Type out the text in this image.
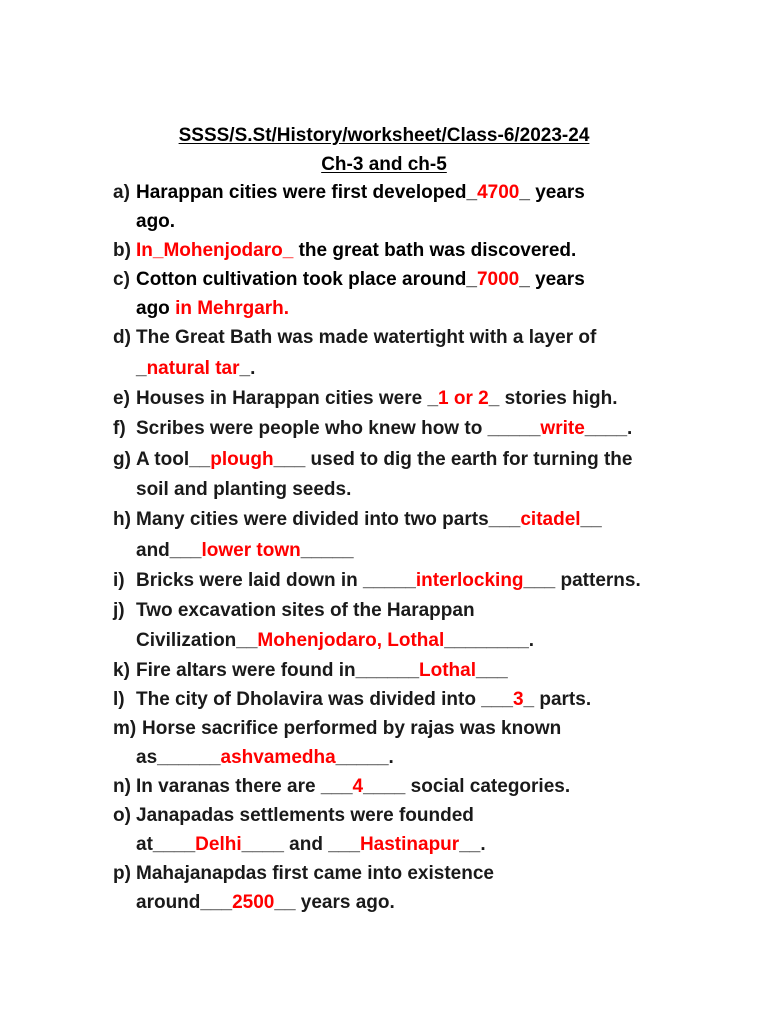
SSSS/S.St/History/worksheet/Class-6/2023-24
Ch-3 and ch-5
a) Harappan cities were first developed_4700_ years
ago.
b) In_Mohenjodaro_ the great bath was discovered.
c) Cotton cultivation took place around_7000_ years
ago in Mehrgarh.
d) The Great Bath was made watertight with a layer of
_natural tar_.
e) Houses in Harappan cities were _1 or 2_ stories high.
f) Scribes were people who knew how to _____write____.
g) A tool__plough___ used to dig the earth for turning the
soil and planting seeds.
h) Many cities were divided into two parts___citadel__
and___lower town_____
i) Bricks were laid down in _____interlocking___ patterns.
j) Two excavation sites of the Harappan
Civilization__Mohenjodaro, Lothal________.
k) Fire altars were found in______Lothal___
l) The city of Dholavira was divided into ___3_ parts.
m) Horse sacrifice performed by rajas was known
as______ashvamedha_____.
n) In varanas there are ___4____ social categories.
o) Janapadas settlements were founded
at____Delhi____ and ___Hastinapur__.
p) Mahajanapdas first came into existence
around___2500__ years ago.
